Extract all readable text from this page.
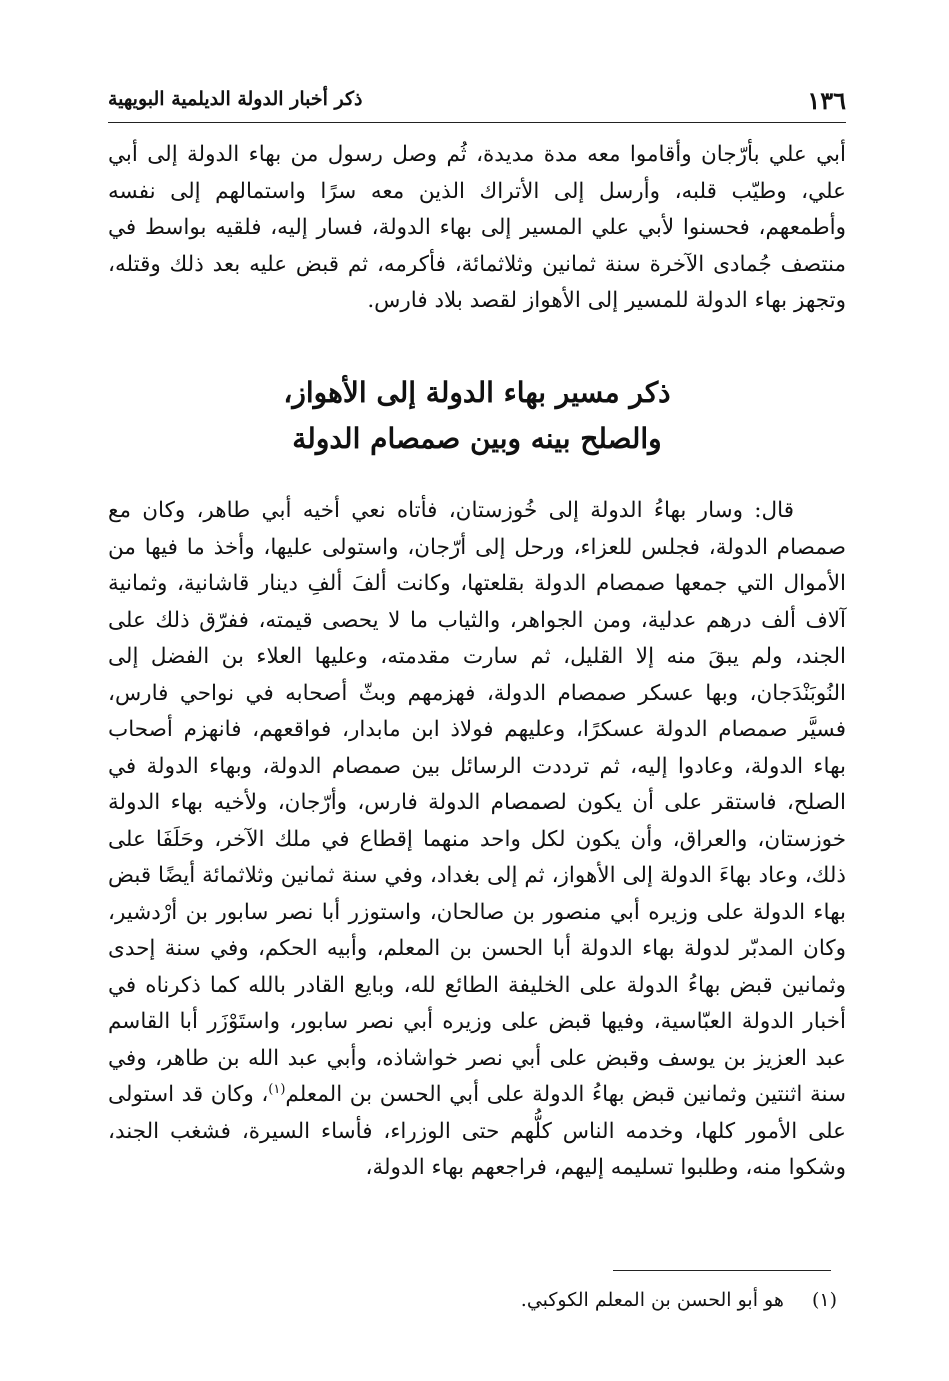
١٣٦
ذكر أخبار الدولة الديلمية البويهية

أبي علي بأرّجان وأقاموا معه مدة مديدة، ثُم وصل رسول من بهاء الدولة إلى أبي علي، وطيّب قلبه، وأرسل إلى الأتراك الذين معه سرًا واستمالهم إلى نفسه وأطمعهم، فحسنوا لأبي علي المسير إلى بهاء الدولة، فسار إليه، فلقيه بواسط في منتصف جُمادى الآخرة سنة ثمانين وثلاثمائة، فأكرمه، ثم قبض عليه بعد ذلك وقتله، وتجهز بهاء الدولة للمسير إلى الأهواز لقصد بلاد فارس.

ذكر مسير بهاء الدولة إلى الأهواز،
والصلح بينه وبين صمصام الدولة

قال: وسار بهاءُ الدولة إلى خُوزستان، فأتاه نعي أخيه أبي طاهر، وكان مع صمصام الدولة، فجلس للعزاء، ورحل إلى أرّجان، واستولى عليها، وأخذ ما فيها من الأموال التي جمعها صمصام الدولة بقلعتها، وكانت ألفَ ألفِ دينار قاشانية، وثمانية آلاف ألف درهم عدلية، ومن الجواهر، والثياب ما لا يحصى قيمته، ففرّق ذلك على الجند، ولم يبقَ منه إلا القليل، ثم سارت مقدمته، وعليها العلاء بن الفضل إلى النُوبَنْدَجان، وبها عسكر صمصام الدولة، فهزمهم وبثّ أصحابه في نواحي فارس، فسيَّر صمصام الدولة عسكرًا، وعليهم فولاذ ابن مابدار، فواقعهم، فانهزم أصحاب بهاء الدولة، وعادوا إليه، ثم ترددت الرسائل بين صمصام الدولة، وبهاء الدولة في الصلح، فاستقر على أن يكون لصمصام الدولة فارس، وأرّجان، ولأخيه بهاء الدولة خوزستان، والعراق، وأن يكون لكل واحد منهما إقطاع في ملك الآخر، وحَلَفَا على ذلك، وعاد بهاءَ الدولة إلى الأهواز، ثم إلى بغداد، وفي سنة ثمانين وثلاثمائة أيضًا قبض بهاء الدولة على وزيره أبي منصور بن صالحان، واستوزر أبا نصر سابور بن أرْدشير، وكان المدبّر لدولة بهاء الدولة أبا الحسن بن المعلم، وأبيه الحكم، وفي سنة إحدى وثمانين قبض بهاءُ الدولة على الخليفة الطائع لله، وبايع القادر بالله كما ذكرناه في أخبار الدولة العبّاسية، وفيها قبض على وزيره أبي نصر سابور، واستَوْزَر أبا القاسم عبد العزيز بن يوسف وقبض على أبي نصر خواشاذه، وأبي عبد الله بن طاهر، وفي سنة اثنتين وثمانين قبض بهاءُ الدولة على أبي الحسن بن المعلم$^{(١)}$، وكان قد استولى على الأمور كلها، وخدمه الناس كلُّهم حتى الوزراء، فأساء السيرة، فشغب الجند، وشكوا منه، وطلبوا تسليمه إليهم، فراجعهم بهاء الدولة،

(١) هو أبو الحسن بن المعلم الكوكبي.
